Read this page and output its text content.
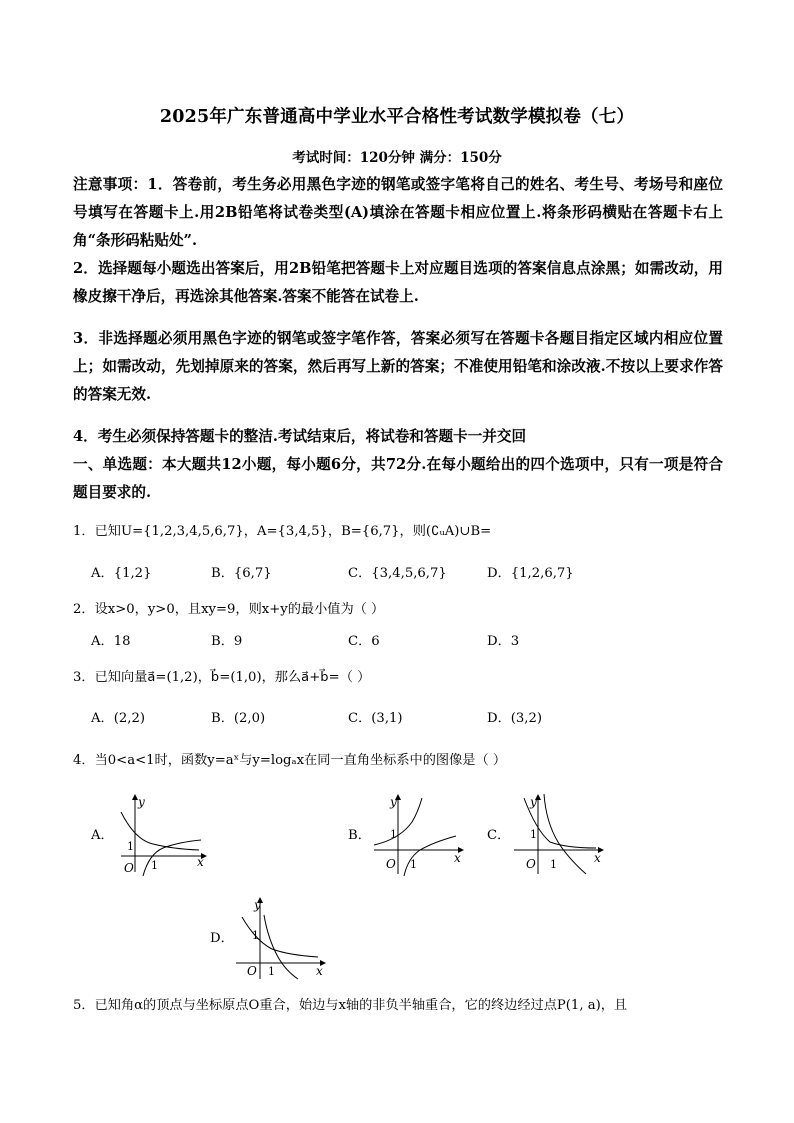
2025年广东普通高中学业水平合格性考试数学模拟卷（七）
考试时间：120分钟 满分：150分
注意事项：1．答卷前，考生务必用黑色字迹的钢笔或签字笔将自己的姓名、考生号、考场号和座位号填写在答题卡上.用2B铅笔将试卷类型(A)填涂在答题卡相应位置上.将条形码横贴在答题卡右上角“条形码粘贴处”.
2．选择题每小题选出答案后，用2B铅笔把答题卡上对应题目选项的答案信息点涂黑；如需改动，用橡皮擦干净后，再选涂其他答案.答案不能答在试卷上.
3．非选择题必须用黑色字迹的钢笔或签字笔作答，答案必须写在答题卡各题目指定区域内相应位置上；如需改动，先划掉原来的答案，然后再写上新的答案；不准使用铅笔和涂改液.不按以上要求作答的答案无效.
4．考生必须保持答题卡的整洁.考试结束后，将试卷和答题卡一并交回
一、单选题：本大题共12小题，每小题6分，共72分.在每小题给出的四个选项中，只有一项是符合题目要求的.
1．已知U={1,2,3,4,5,6,7}，A={3,4,5}，B={6,7}，则(∁ᵤA)∪B=
A．{1,2}	B．{6,7}	C．{3,4,5,6,7}	D．{1,2,6,7}
2．设x>0，y>0，且xy=9，则x+y的最小值为（ ）
A．18	B．9	C．6	D．3
3．已知向量a⃗=(1,2)，b⃗=(1,0)，那么a⃗+b⃗=（ ）
A．(2,2)	B．(2,0)	C．(3,1)	D．(3,2)
4．当0<a<1时，函数y=aˣ与y=logₐx在同一直角坐标系中的图像是（ ）
A．
y
x
O
1
1
B．
y
x
O
1
1
C．
y
x
O
1
1
D．
y
x
O
1
1
5．已知角α的顶点与坐标原点O重合，始边与x轴的非负半轴重合，它的终边经过点P(1, a)，且
